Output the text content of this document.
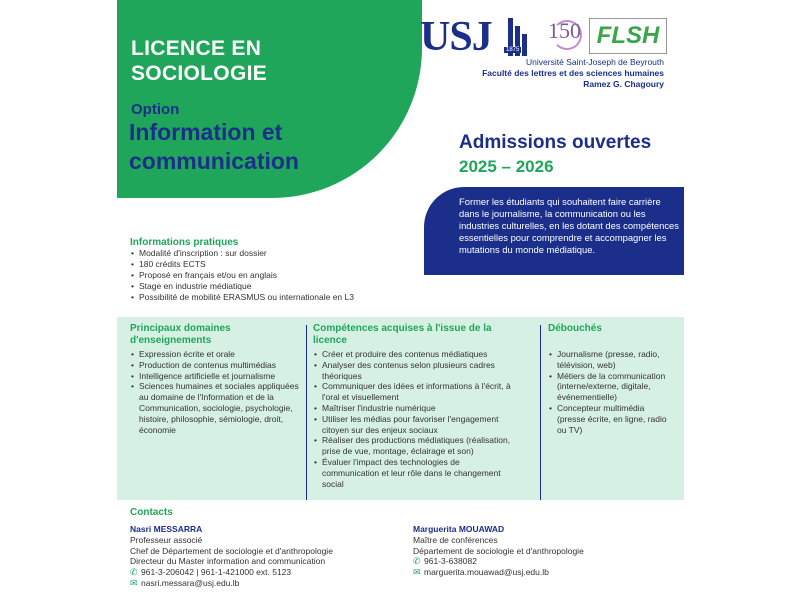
LICENCE EN
SOCIOLOGIE
Option
Information et
communication
USJ	1875
150 FLSH
Université Saint-Joseph de Beyrouth
Faculté des lettres et des sciences humaines
Ramez G. Chagoury
Admissions ouvertes
2025 – 2026

Former les étudiants qui souhaitent faire carrière dans le journalisme, la communication ou les industries culturelles, en les dotant des compétences essentielles pour comprendre et accompagner les mutations du monde médiatique.

Informations pratiques
• Modalité d'inscription : sur dossier
• 180 crédits ECTS
• Proposé en français et/ou en anglais
• Stage en industrie médiatique
• Possibilité de mobilité ERASMUS ou internationale en L3
Principaux domaines d'enseignements
• Expression écrite et orale
• Production de contenus multimédias
• Intelligence artificielle et journalisme
• Sciences humaines et sociales appliquées au domaine de l'Information et de la Communication, sociologie, psychologie, histoire, philosophie, sémiologie, droit, économie
Compétences acquises à l'issue de la licence
• Créer et produire des contenus médiatiques
• Analyser des contenus selon plusieurs cadres théoriques
• Communiquer des idées et informations à l'écrit, à l'oral et visuellement
• Maîtriser l'industrie numérique
• Utiliser les médias pour favoriser l'engagement citoyen sur des enjeux sociaux
• Réaliser des productions médiatiques (réalisation, prise de vue, montage, éclairage et son)
• Évaluer l'impact des technologies de communication et leur rôle dans le changement social
Débouchés
• Journalisme (presse, radio, télévision, web)
• Métiers de la communication (interne/externe, digitale, événementielle)
• Concepteur multimédia (presse écrite, en ligne, radio ou TV)
Contacts
Nasri MESSARRA
Professeur associé
Chef de Département de sociologie et d'anthropologie
Directeur du Master information and communication
✆ 961-3-206042 | 961-1-421000 ext. 5123
✉ nasri.messara@usj.edu.lb
Marguerita MOUAWAD
Maître de conférences
Département de sociologie et d'anthropologie
✆ 961-3-638082
✉ marguerita.mouawad@usj.edu.lb
